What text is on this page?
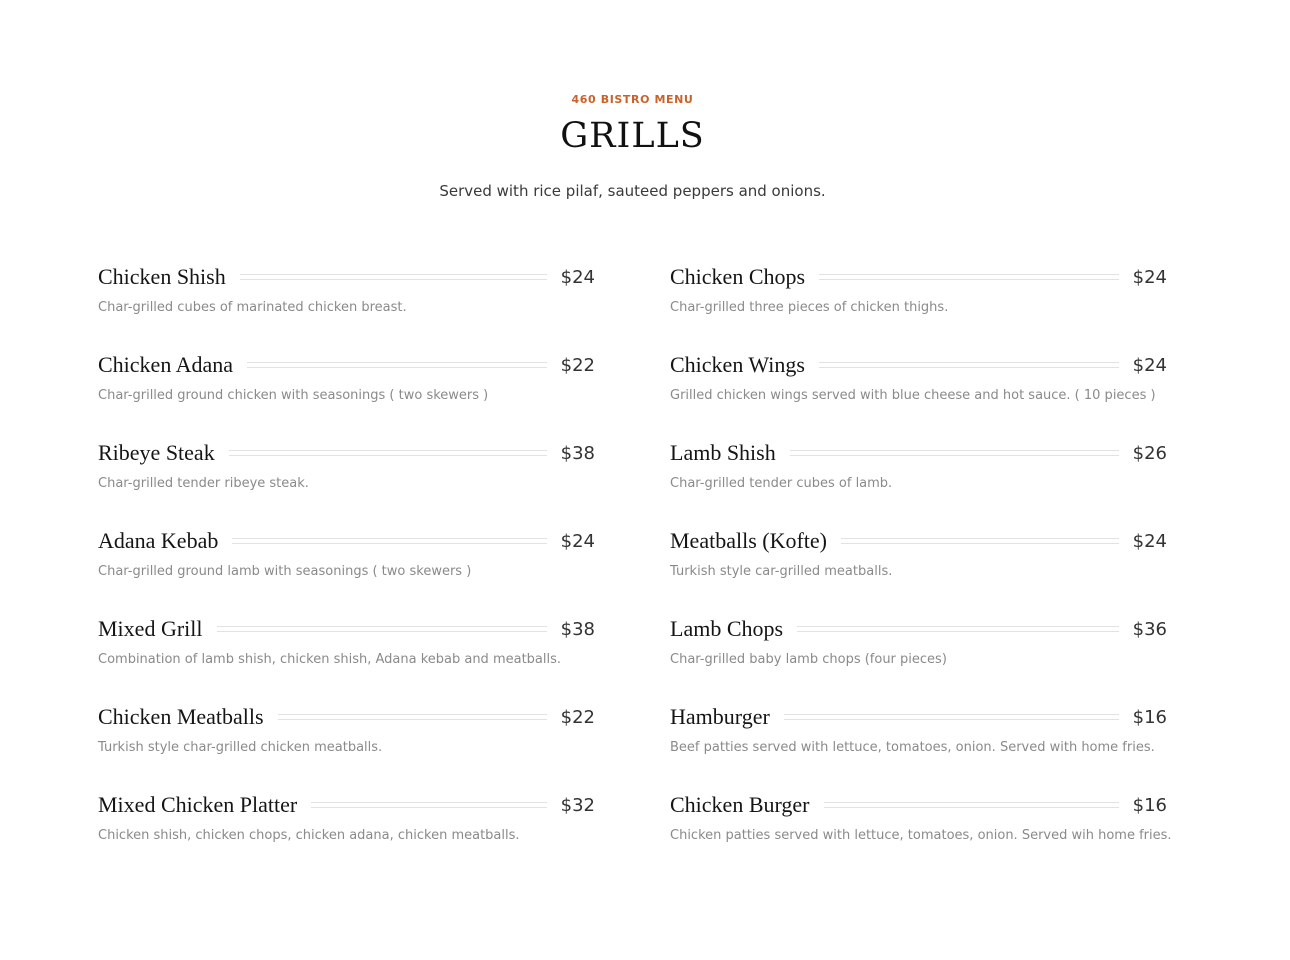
460 BISTRO MENU
GRILLS
Served with rice pilaf, sauteed peppers and onions.
Chicken Shish	$24
Char-grilled cubes of marinated chicken breast.
Chicken Adana	$22
Char-grilled ground chicken with seasonings ( two skewers )
Ribeye Steak	$38
Char-grilled tender ribeye steak.
Adana Kebab	$24
Char-grilled ground lamb with seasonings ( two skewers )
Mixed Grill	$38
Combination of lamb shish, chicken shish, Adana kebab and meatballs.
Chicken Meatballs	$22
Turkish style char-grilled chicken meatballs.
Mixed Chicken Platter	$32
Chicken shish, chicken chops, chicken adana, chicken meatballs.
Chicken Chops	$24
Char-grilled three pieces of chicken thighs.
Chicken Wings	$24
Grilled chicken wings served with blue cheese and hot sauce. ( 10 pieces )
Lamb Shish	$26
Char-grilled tender cubes of lamb.
Meatballs (Kofte)	$24
Turkish style car-grilled meatballs.
Lamb Chops	$36
Char-grilled baby lamb chops (four pieces)
Hamburger	$16
Beef patties served with lettuce, tomatoes, onion. Served with home fries.
Chicken Burger	$16
Chicken patties served with lettuce, tomatoes, onion. Served wih home fries.
